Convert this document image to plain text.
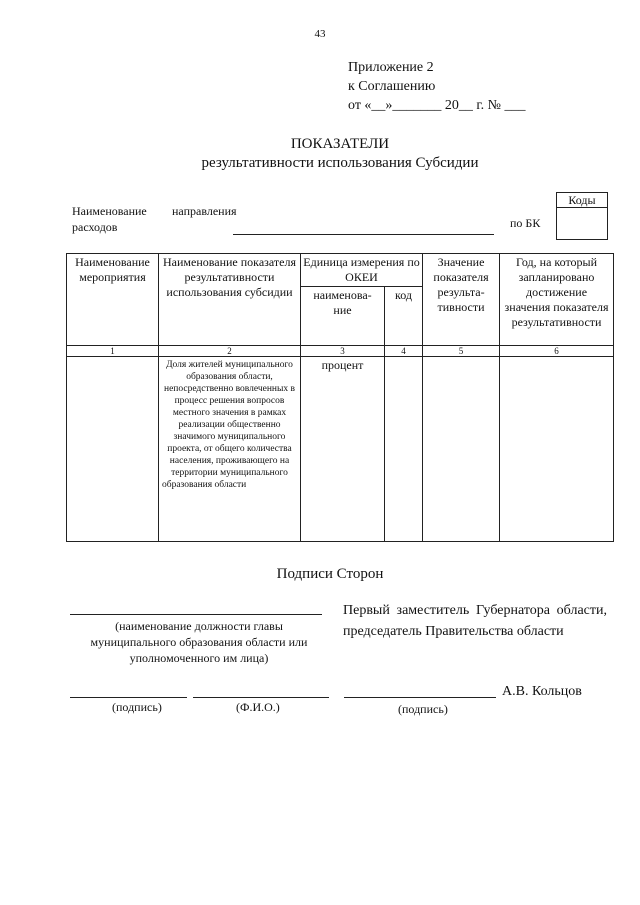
43
Приложение 2
к Соглашению
от «__»_______ 20__ г. № ___
ПОКАЗАТЕЛИ
результативности использования Субсидии
Коды
Наименование
расходов
направления
по БК
Наименование мероприятия	Наименование показателя результативности использования субсидии	Единица измерения по ОКЕИ		Значение показателя результа- тивности	Год, на который запланировано достижение значения показателя результативности
		наименова- ние	код		
1	2	3	4	5	6
	Доля жителей муниципального образования области, непосредственно вовлеченных в процесс решения вопросов местного значения в рамках реализации общественно значимого муниципального проекта, от общего количества населения, проживающего на территории муниципального образования области	процент			
Подписи Сторон
(наименование должности главы муниципального образования области или уполномоченного им лица)
Первый заместитель Губернатора области, председатель Правительства области
(подпись)	(Ф.И.О.)
А.В. Кольцов
(подпись)
